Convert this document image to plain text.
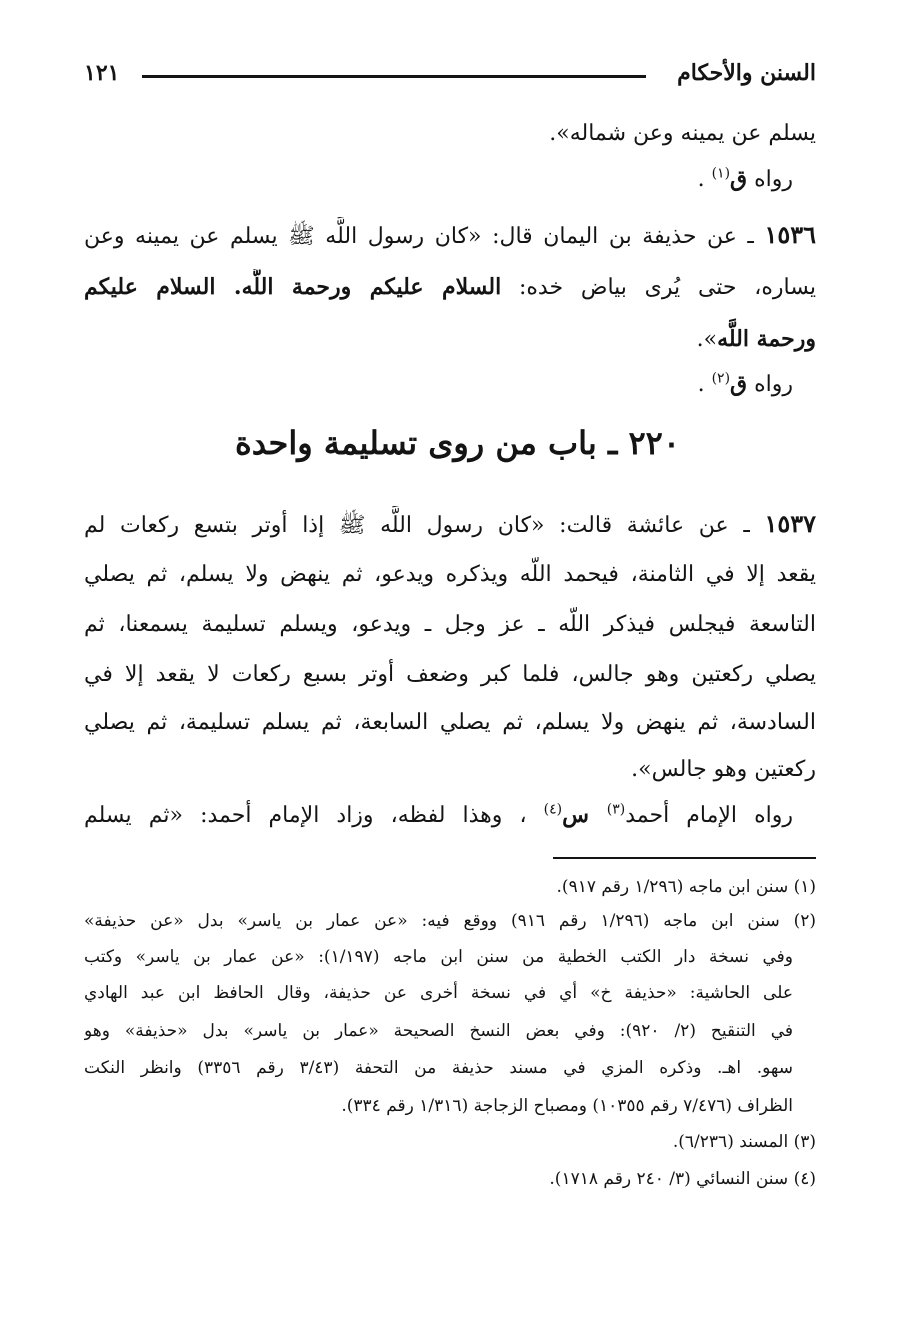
السنن والأحكام
١٢١
يسلم عن يمينه وعن شماله».
رواه ق$^{(١)}$ .
١٥٣٦ ـ عن حذيفة بن اليمان قال: «كان رسول اللَّه ﷺ يسلم عن يمينه وعن
يساره، حتى يُرى بياض خده: السلام عليكم ورحمة اللَّه. السلام عليكم
ورحمة اللَّه».
رواه ق$^{(٢)}$ .
٢٢٠ ـ باب من روى تسليمة واحدة
١٥٣٧ ـ عن عائشة قالت: «كان رسول اللَّه ﷺ إذا أوتر بتسع ركعات لم
يقعد إلا في الثامنة، فيحمد اللَّه ويذكره ويدعو، ثم ينهض ولا يسلم، ثم يصلي
التاسعة فيجلس فيذكر اللَّه ـ عز وجل ـ ويدعو، ويسلم تسليمة يسمعنا، ثم
يصلي ركعتين وهو جالس، فلما كبر وضعف أوتر بسبع ركعات لا يقعد إلا في
السادسة، ثم ينهض ولا يسلم، ثم يصلي السابعة، ثم يسلم تسليمة، ثم يصلي
ركعتين وهو جالس».
رواه الإمام أحمد$^{(٣)}$ س$^{(٤)}$ ، وهذا لفظه، وزاد الإمام أحمد: «ثم يسلم
(١) سنن ابن ماجه (١/٢٩٦ رقم ٩١٧).
(٢) سنن ابن ماجه (١/٢٩٦ رقم ٩١٦) ووقع فيه: «عن عمار بن ياسر» بدل «عن حذيفة»
وفي نسخة دار الكتب الخطية من سنن ابن ماجه (١/١٩٧): «عن عمار بن ياسر» وكتب
على الحاشية: «حذيفة خ» أي في نسخة أخرى عن حذيفة، وقال الحافظ ابن عبد الهادي
في التنقيح (٢/ ٩٢٠): وفي بعض النسخ الصحيحة «عمار بن ياسر» بدل «حذيفة» وهو
سهو. اهـ. وذكره المزي في مسند حذيفة من التحفة (٣/٤٣ رقم ٣٣٥٦) وانظر النكت
الظراف (٧/٤٧٦ رقم ١٠٣٥٥) ومصباح الزجاجة (١/٣١٦ رقم ٣٣٤).
(٣) المسند (٦/٢٣٦).
(٤) سنن النسائي (٣/ ٢٤٠ رقم ١٧١٨).
